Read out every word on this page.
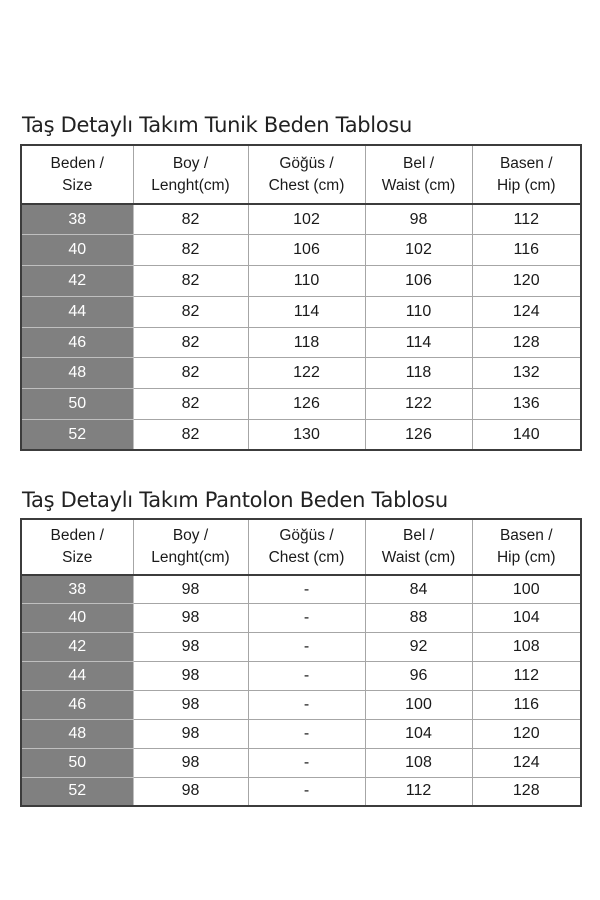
Taş Detaylı Takım Tunik Beden Tablosu
Beden /
Size	Boy /
Lenght(cm)	Göğüs /
Chest (cm)	Bel /
Waist (cm)	Basen /
Hip (cm)

38	82	102	98	112
40	82	106	102	116
42	82	110	106	120
44	82	114	110	124
46	82	118	114	128
48	82	122	118	132
50	82	126	122	136
52	82	130	126	140
Taş Detaylı Takım Pantolon Beden Tablosu
Beden /
Size	Boy /
Lenght(cm)	Göğüs /
Chest (cm)	Bel /
Waist (cm)	Basen /
Hip (cm)

38	98	-	84	100
40	98	-	88	104
42	98	-	92	108
44	98	-	96	112
46	98	-	100	116
48	98	-	104	120
50	98	-	108	124
52	98	-	112	128
